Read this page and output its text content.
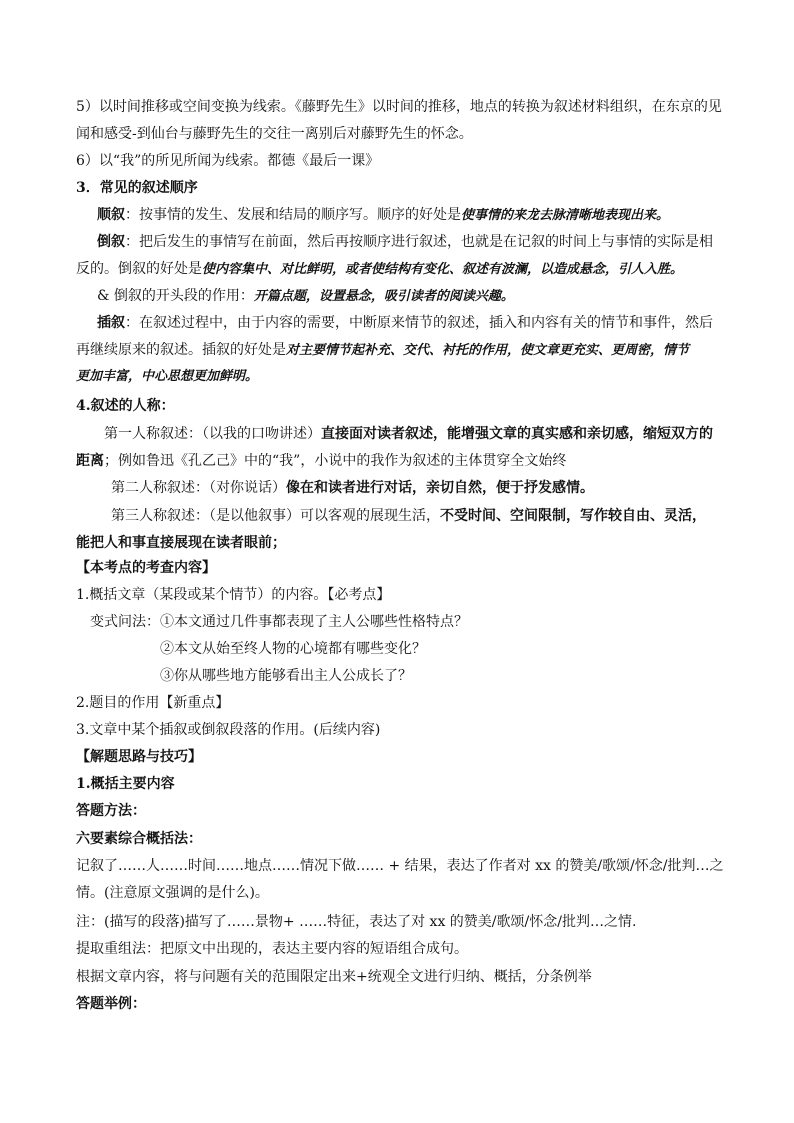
5）以时间推移或空间变换为线索。《藤野先生》以时间的推移，地点的转换为叙述材料组织，在东京的见
闻和感受-到仙台与藤野先生的交往一离别后对藤野先生的怀念。
6）以“我”的所见所闻为线索。都德《最后一课》
3．常见的叙述顺序
顺叙：按事情的发生、发展和结局的顺序写。顺序的好处是使事情的来龙去脉清晰地表现出来。
倒叙：把后发生的事情写在前面，然后再按顺序进行叙述，也就是在记叙的时间上与事情的实际是相
反的。倒叙的好处是使内容集中、对比鲜明，或者使结构有变化、叙述有波澜，以造成悬念，引人入胜。
& 倒叙的开头段的作用：开篇点题，设置悬念，吸引读者的阅读兴趣。
插叙：在叙述过程中，由于内容的需要，中断原来情节的叙述，插入和内容有关的情节和事件，然后
再继续原来的叙述。插叙的好处是对主要情节起补充、交代、衬托的作用，使文章更充实、更周密，情节
更加丰富，中心思想更加鲜明。
4.叙述的人称：
第一人称叙述：（以我的口吻讲述）直接面对读者叙述，能增强文章的真实感和亲切感，缩短双方的
距离；例如鲁迅《孔乙己》中的“我”，小说中的我作为叙述的主体贯穿全文始终
第二人称叙述：（对你说话）像在和读者进行对话，亲切自然，便于抒发感情。
第三人称叙述：（是以他叙事）可以客观的展现生活，不受时间、空间限制，写作较自由、灵活，
能把人和事直接展现在读者眼前；
【本考点的考查内容】
1.概括文章（某段或某个情节）的内容。【必考点】
变式问法：①本文通过几件事都表现了主人公哪些性格特点？
②本文从始至终人物的心境都有哪些变化？
③你从哪些地方能够看出主人公成长了？
2.题目的作用【新重点】
3.文章中某个插叙或倒叙段落的作用。(后续内容)
【解题思路与技巧】
1.概括主要内容
答题方法：
六要素综合概括法：
记叙了……人……时间……地点……情况下做…… + 结果，表达了作者对 xx 的赞美/歌颂/怀念/批判…之
情。(注意原文强调的是什么)。
注：(描写的段落)描写了……景物+ ……特征，表达了对 xx 的赞美/歌颂/怀念/批判…之情.
提取重组法：把原文中出现的，表达主要内容的短语组合成句。
根据文章内容，将与问题有关的范围限定出来+统观全文进行归纳、概括，分条例举
答题举例：
